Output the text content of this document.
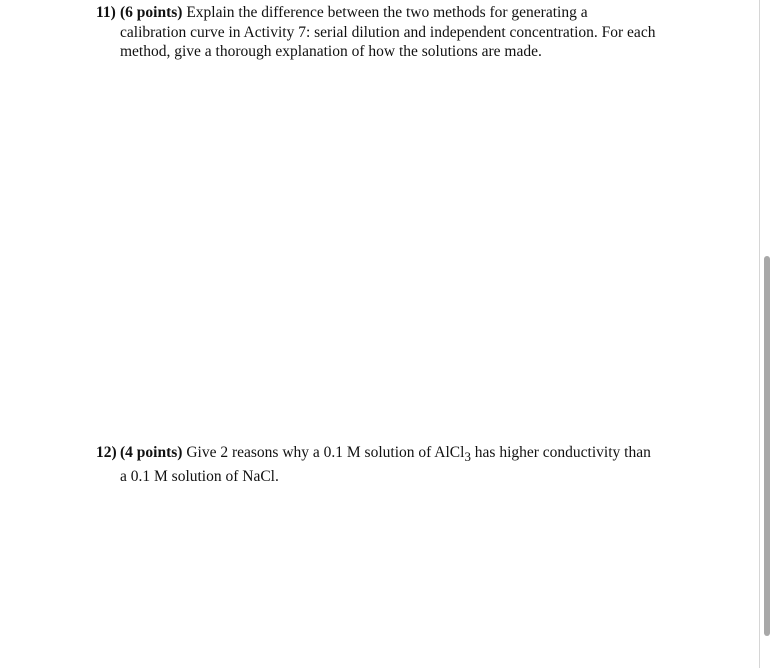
11) (6 points) Explain the difference between the two methods for generating a calibration curve in Activity 7: serial dilution and independent concentration. For each method, give a thorough explanation of how the solutions are made.
12) (4 points) Give 2 reasons why a 0.1 M solution of AlCl$_3$ has higher conductivity than a 0.1 M solution of NaCl.
